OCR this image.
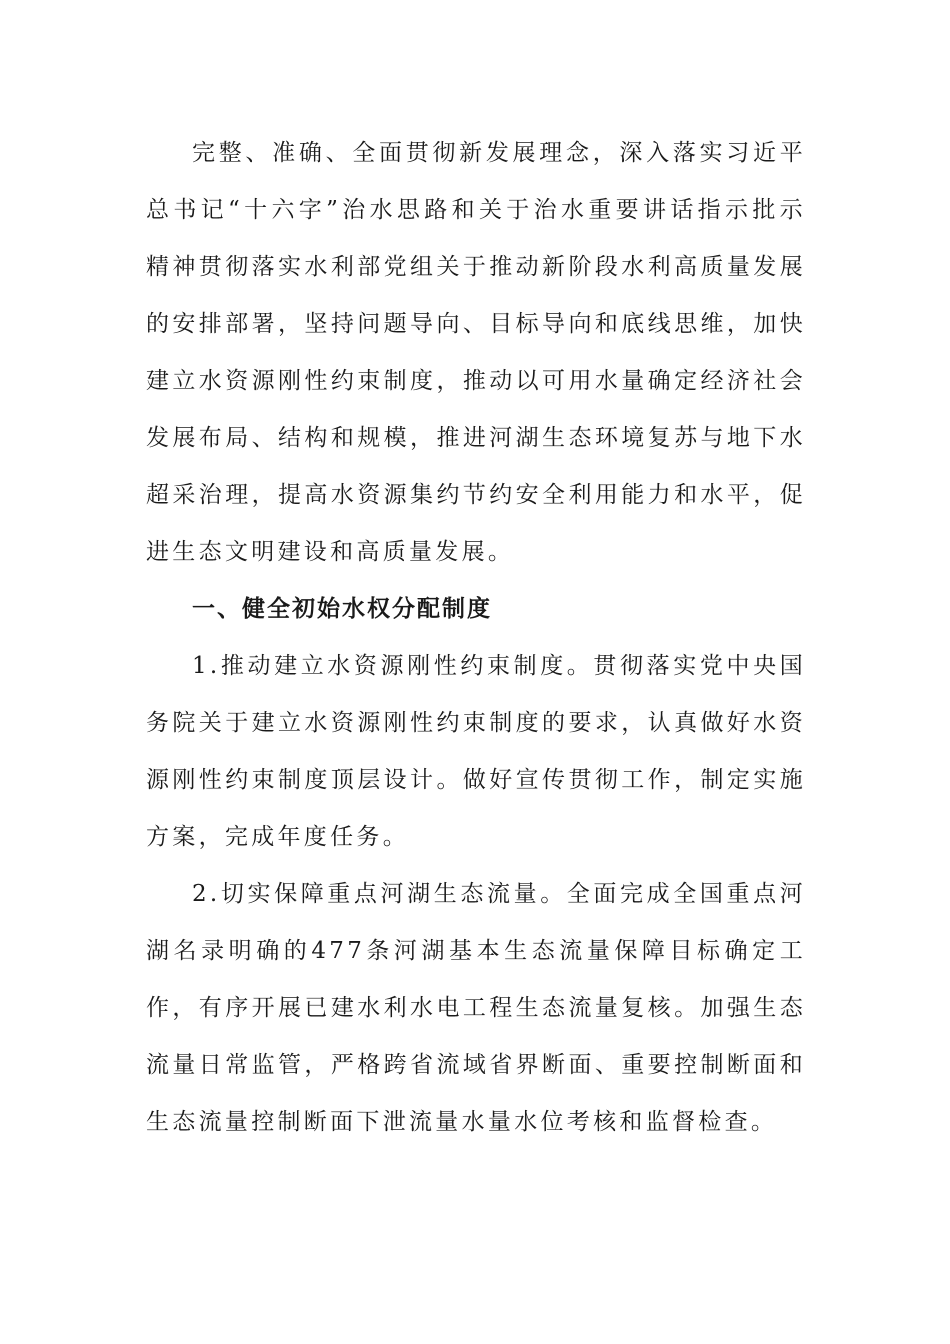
完整、准确、全面贯彻新发展理念，深入落实习近平总书记“十六字”治水思路和关于治水重要讲话指示批示精神贯彻落实水利部党组关于推动新阶段水利高质量发展的安排部署，坚持问题导向、目标导向和底线思维，加快建立水资源刚性约束制度，推动以可用水量确定经济社会发展布局、结构和规模，推进河湖生态环境复苏与地下水超采治理，提高水资源集约节约安全利用能力和水平，促进生态文明建设和高质量发展。

一、健全初始水权分配制度

1.推动建立水资源刚性约束制度。贯彻落实党中央国务院关于建立水资源刚性约束制度的要求，认真做好水资源刚性约束制度顶层设计。做好宣传贯彻工作，制定实施方案，完成年度任务。

2.切实保障重点河湖生态流量。全面完成全国重点河湖名录明确的477条河湖基本生态流量保障目标确定工作，有序开展已建水利水电工程生态流量复核。加强生态流量日常监管，严格跨省流域省界断面、重要控制断面和生态流量控制断面下泄流量水量水位考核和监督检查。
